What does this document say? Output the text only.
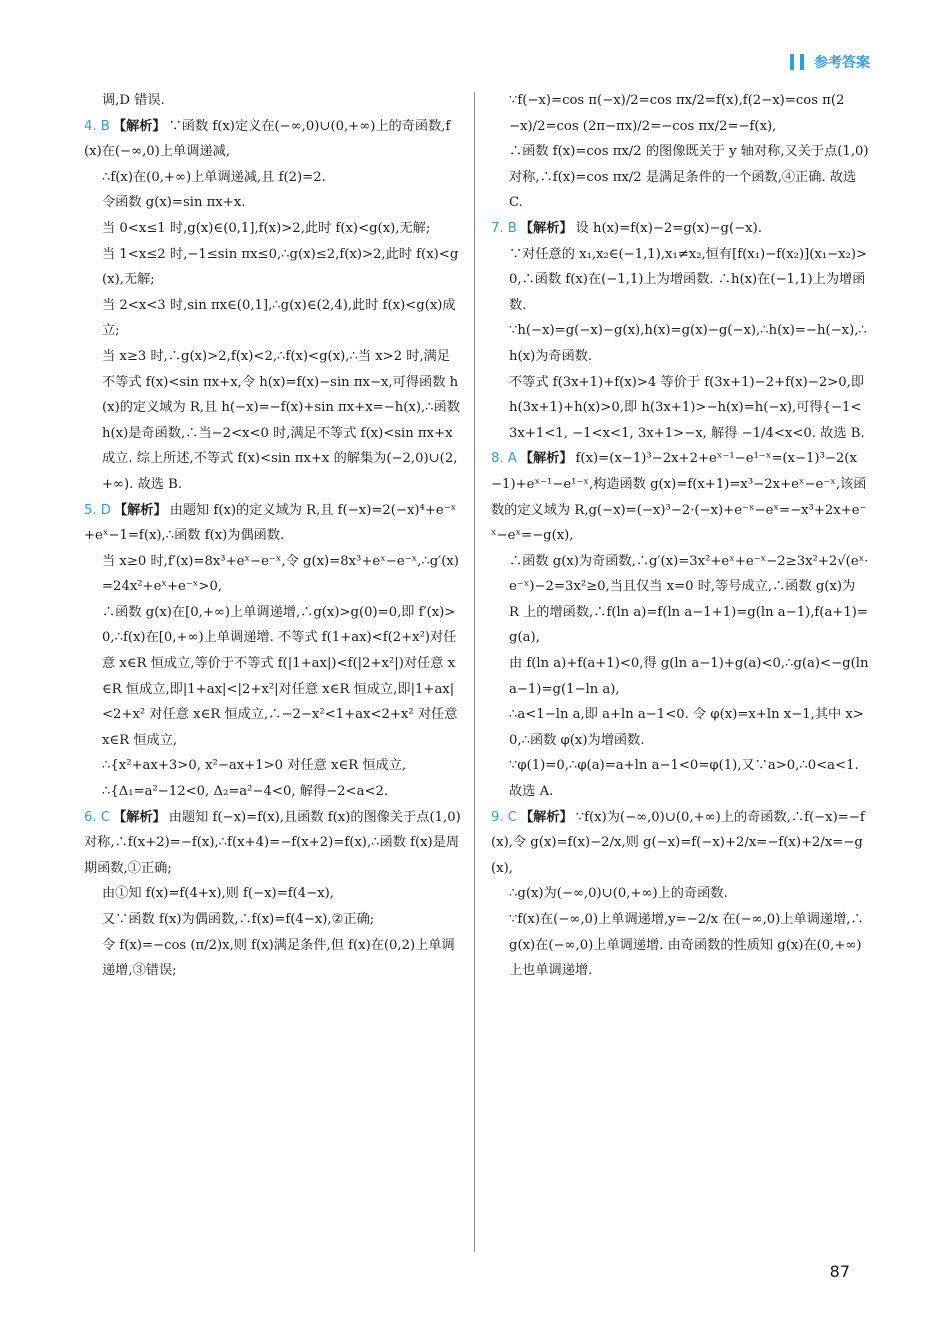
参考答案

调,D 错误.

4. B 【解析】 ∵函数 f(x)定义在(−∞,0)∪(0,+∞)上的奇函数,f(x)在(−∞,0)上单调递减,

∴f(x)在(0,+∞)上单调递减,且 f(2)=2.

令函数 g(x)=sin πx+x.

当 0<x≤1 时,g(x)∈(0,1],f(x)>2,此时 f(x)<g(x),无解;

当 1<x≤2 时,−1≤sin πx≤0,∴g(x)≤2,f(x)>2,此时 f(x)<g(x),无解;

当 2<x<3 时,sin πx∈(0,1],∴g(x)∈(2,4),此时 f(x)<g(x)成立;

当 x≥3 时,∴g(x)>2,f(x)<2,∴f(x)<g(x),∴当 x>2 时,满足不等式 f(x)<sin πx+x,令 h(x)=f(x)−sin πx−x,可得函数 h(x)的定义域为 R,且 h(−x)=−f(x)+sin πx+x=−h(x),∴函数 h(x)是奇函数,∴当−2<x<0 时,满足不等式 f(x)<sin πx+x 成立. 综上所述,不等式 f(x)<sin πx+x 的解集为(−2,0)∪(2,+∞). 故选 B.

5. D 【解析】 由题知 f(x)的定义域为 R,且 f(−x)=2(−x)⁴+e⁻ˣ+eˣ−1=f(x),∴函数 f(x)为偶函数.

当 x≥0 时,f′(x)=8x³+eˣ−e⁻ˣ,令 g(x)=8x³+eˣ−e⁻ˣ,∴g′(x)=24x²+eˣ+e⁻ˣ>0,

∴函数 g(x)在[0,+∞)上单调递增,∴g(x)>g(0)=0,即 f′(x)>0,∴f(x)在[0,+∞)上单调递增. 不等式 f(1+ax)<f(2+x²)对任意 x∈R 恒成立,等价于不等式 f(|1+ax|)<f(|2+x²|)对任意 x∈R 恒成立,即|1+ax|<|2+x²|对任意 x∈R 恒成立,即|1+ax|<2+x² 对任意 x∈R 恒成立,∴−2−x²<1+ax<2+x² 对任意 x∈R 恒成立,

∴{x²+ax+3>0, x²−ax+1>0 对任意 x∈R 恒成立,

∴{Δ₁=a²−12<0, Δ₂=a²−4<0, 解得−2<a<2.

6. C 【解析】 由题知 f(−x)=f(x),且函数 f(x)的图像关于点(1,0)对称,∴f(x+2)=−f(x),∴f(x+4)=−f(x+2)=f(x),∴函数 f(x)是周期函数,①正确;

由①知 f(x)=f(4+x),则 f(−x)=f(4−x),

又∵函数 f(x)为偶函数,∴f(x)=f(4−x),②正确;

令 f(x)=−cos (π/2)x,则 f(x)满足条件,但 f(x)在(0,2)上单调递增,③错误;

∵f(−x)=cos π(−x)/2=cos πx/2=f(x),f(2−x)=cos π(2−x)/2=cos (2π−πx)/2=−cos πx/2=−f(x),

∴函数 f(x)=cos πx/2 的图像既关于 y 轴对称,又关于点(1,0)对称,∴f(x)=cos πx/2 是满足条件的一个函数,④正确. 故选 C.

7. B 【解析】 设 h(x)=f(x)−2=g(x)−g(−x).

∵对任意的 x₁,x₂∈(−1,1),x₁≠x₂,恒有[f(x₁)−f(x₂)](x₁−x₂)>0,∴函数 f(x)在(−1,1)上为增函数. ∴h(x)在(−1,1)上为增函数.

∵h(−x)=g(−x)−g(x),h(x)=g(x)−g(−x),∴h(x)=−h(−x),∴h(x)为奇函数.

不等式 f(3x+1)+f(x)>4 等价于 f(3x+1)−2+f(x)−2>0,即 h(3x+1)+h(x)>0,即 h(3x+1)>−h(x)=h(−x),可得{−1<3x+1<1, −1<x<1, 3x+1>−x, 解得 −1/4<x<0. 故选 B.

8. A 【解析】 f(x)=(x−1)³−2x+2+eˣ⁻¹−e¹⁻ˣ=(x−1)³−2(x−1)+eˣ⁻¹−e¹⁻ˣ,构造函数 g(x)=f(x+1)=x³−2x+eˣ−e⁻ˣ,该函数的定义域为 R,g(−x)=(−x)³−2·(−x)+e⁻ˣ−eˣ=−x³+2x+e⁻ˣ−eˣ=−g(x),

∴函数 g(x)为奇函数,∴g′(x)=3x²+eˣ+e⁻ˣ−2≥3x²+2√(eˣ·e⁻ˣ)−2=3x²≥0,当且仅当 x=0 时,等号成立,∴函数 g(x)为 R 上的增函数,∴f(ln a)=f(ln a−1+1)=g(ln a−1),f(a+1)=g(a),

由 f(ln a)+f(a+1)<0,得 g(ln a−1)+g(a)<0,∴g(a)<−g(ln a−1)=g(1−ln a),

∴a<1−ln a,即 a+ln a−1<0. 令 φ(x)=x+ln x−1,其中 x>0,∴函数 φ(x)为增函数.

∵φ(1)=0,∴φ(a)=a+ln a−1<0=φ(1),又∵a>0,∴0<a<1. 故选 A.

9. C 【解析】 ∵f(x)为(−∞,0)∪(0,+∞)上的奇函数,∴f(−x)=−f(x),令 g(x)=f(x)−2/x,则 g(−x)=f(−x)+2/x=−f(x)+2/x=−g(x),

∴g(x)为(−∞,0)∪(0,+∞)上的奇函数.

∵f(x)在(−∞,0)上单调递增,y=−2/x 在(−∞,0)上单调递增,∴g(x)在(−∞,0)上单调递增. 由奇函数的性质知 g(x)在(0,+∞)上也单调递增.

87
